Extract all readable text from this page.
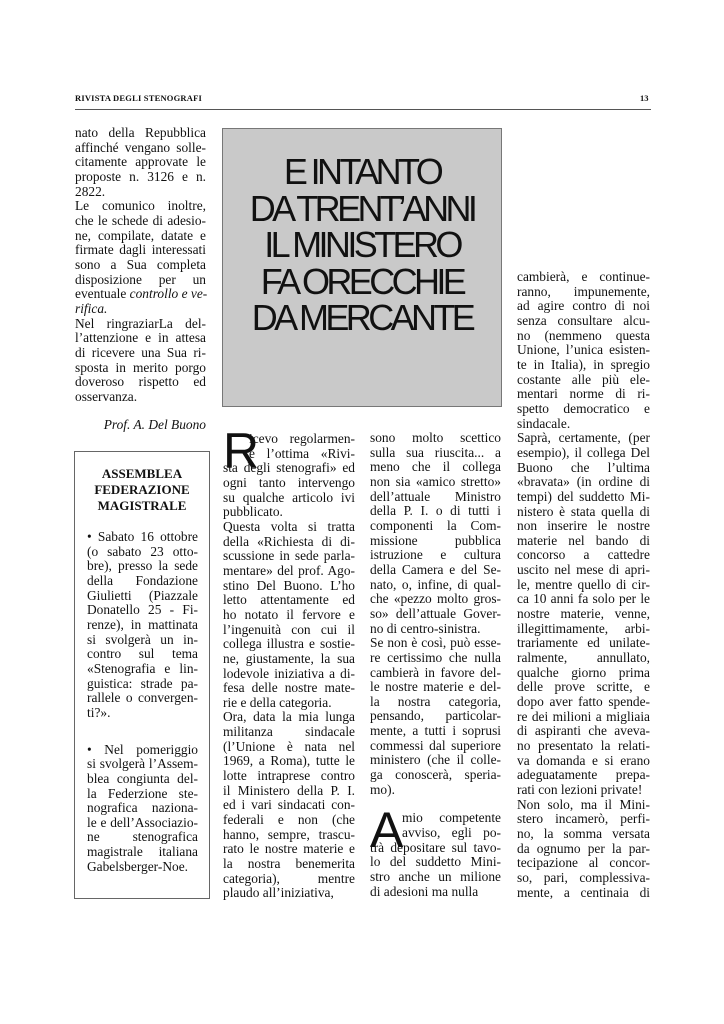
RIVISTA DEGLI STENOGRAFI	13
nato della Repubblica
affinché vengano solle-
citamente approvate le
proposte n. 3126 e n.
2822.
Le comunico inoltre,
che le schede di adesio-
ne, compilate, datate e
firmate dagli interessati
sono a Sua completa
disposizione per un
eventuale controllo e ve-
rifica.
Nel ringraziarLa del-
l’attenzione e in attesa
di ricevere una Sua ri-
sposta in merito porgo
doveroso rispetto ed
osservanza.
Prof. A. Del Buono
ASSEMBLEA
FEDERAZIONE
MAGISTRALE
• Sabato 16 ottobre
(o sabato 23 otto-
bre), presso la sede
della Fondazione
Giulietti (Piazzale
Donatello 25 - Fi-
renze), in mattinata
si svolgerà un in-
contro sul tema
«Stenografia e lin-
guistica: strade pa-
rallele o convergen-
ti?».
• Nel pomeriggio
si svolgerà l’Assem-
blea congiunta del-
la Federzione ste-
nografica naziona-
le e dell’Associazio-
ne stenografica
magistrale italiana
Gabelsberger-Noe.
E INTANTO
DA TRENT’ANNI
IL MINISTERO
FA ORECCHIE
DA MERCANTE
R
icevo regolarmen-
e l’ottima «Rivi-
sta degli stenografi» ed
ogni tanto intervengo
su qualche articolo ivi
pubblicato.
Questa volta si tratta
della «Richiesta di di-
scussione in sede parla-
mentare» del prof. Ago-
stino Del Buono. L’ho
letto attentamente ed
ho notato il fervore e
l’ingenuità con cui il
collega illustra e sostie-
ne, giustamente, la sua
lodevole iniziativa a di-
fesa delle nostre mate-
rie e della categoria.
Ora, data la mia lunga
militanza sindacale
(l’Unione è nata nel
1969, a Roma), tutte le
lotte intraprese contro
il Ministero della P. I.
ed i vari sindacati con-
federali e non (che
hanno, sempre, trascu-
rato le nostre materie e
la nostra benemerita
categoria), mentre
plaudo all’iniziativa,
sono molto scettico
sulla sua riuscita... a
meno che il collega
non sia «amico stretto»
dell’attuale Ministro
della P. I. o di tutti i
componenti la Com-
missione pubblica
istruzione e cultura
della Camera e del Se-
nato, o, infine, di qual-
che «pezzo molto gros-
so» dell’attuale Gover-
no di centro-sinistra.
Se non è così, può esse-
re certissimo che nulla
cambierà in favore del-
le nostre materie e del-
la nostra categoria,
pensando, particolar-
mente, a tutti i soprusi
commessi dal superiore
ministero (che il colle-
ga conoscerà, speria-
mo).
A
mio competente
avviso, egli po-
trà depositare sul tavo-
lo del suddetto Mini-
stro anche un milione
di adesioni ma nulla
cambierà, e continue-
ranno, impunemente,
ad agire contro di noi
senza consultare alcu-
no (nemmeno questa
Unione, l’unica esisten-
te in Italia), in spregio
costante alle più ele-
mentari norme di ri-
spetto democratico e
sindacale.
Saprà, certamente, (per
esempio), il collega Del
Buono che l’ultima
«bravata» (in ordine di
tempi) del suddetto Mi-
nistero è stata quella di
non inserire le nostre
materie nel bando di
concorso a cattedre
uscito nel mese di apri-
le, mentre quello di cir-
ca 10 anni fa solo per le
nostre materie, venne,
illegittimamente, arbi-
trariamente ed unilate-
ralmente, annullato,
qualche giorno prima
delle prove scritte, e
dopo aver fatto spende-
re dei milioni a migliaia
di aspiranti che aveva-
no presentato la relati-
va domanda e si erano
adeguatamente prepa-
rati con lezioni private!
Non solo, ma il Mini-
stero incamerò, perfi-
no, la somma versata
da ognumo per la par-
tecipazione al concor-
so, pari, complessiva-
mente, a centinaia di
